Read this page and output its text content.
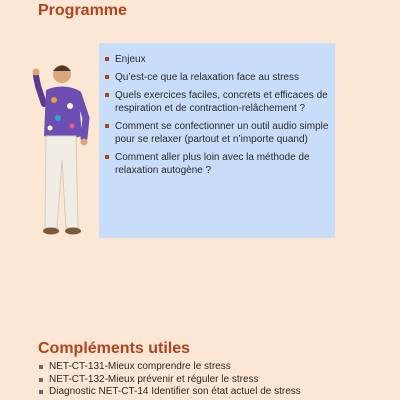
Programme
Enjeux
Qu’est-ce que la relaxation face au stress
Quels exercices faciles, concrets et efficaces de respiration et de contraction-relâchement ?
Comment se confectionner un outil audio simple pour se relaxer (partout et n’importe quand)
Comment aller plus loin avec la méthode de relaxation autogène ?
Compléments utiles
NET-CT-131-Mieux comprendre le stress
NET-CT-132-Mieux prévenir et réguler le stress
Diagnostic NET-CT-14 Identifier son état actuel de stress
